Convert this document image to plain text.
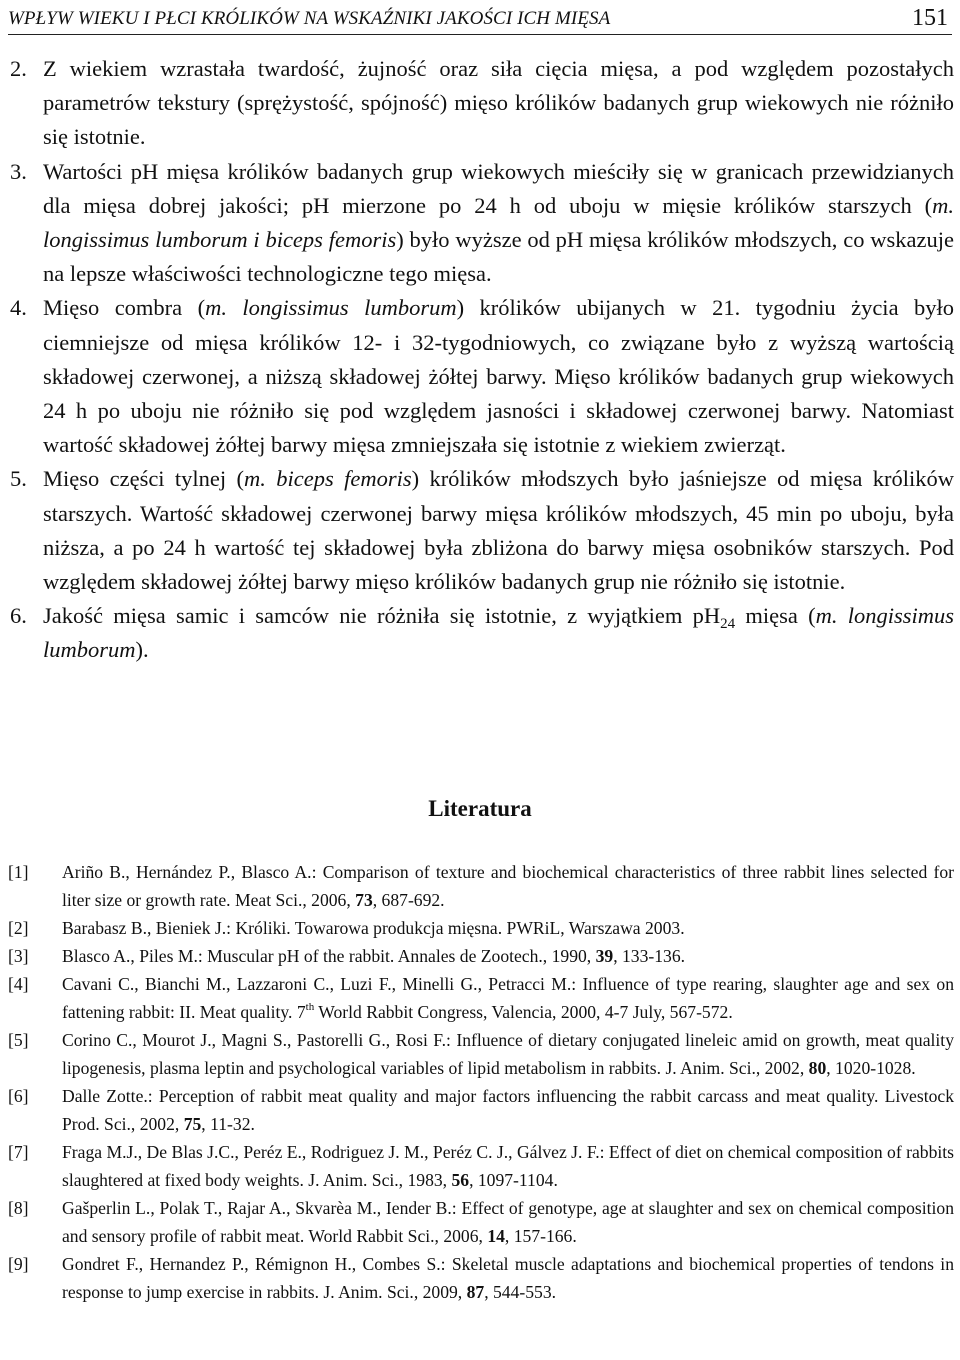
WPŁYW WIEKU I PŁCI KRÓLIKÓW NA WSKAŹNIKI JAKOŚCI ICH MIĘSA	151
2. Z wiekiem wzrastała twardość, żujność oraz siła cięcia mięsa, a pod względem pozostałych parametrów tekstury (sprężystość, spójność) mięso królików badanych grup wiekowych nie różniło się istotnie.
3. Wartości pH mięsa królików badanych grup wiekowych mieściły się w granicach przewidzianych dla mięsa dobrej jakości; pH mierzone po 24 h od uboju w mięsie królików starszych (m. longissimus lumborum i biceps femoris) było wyższe od pH mięsa królików młodszych, co wskazuje na lepsze właściwości technologiczne tego mięsa.
4. Mięso combra (m. longissimus lumborum) królików ubijanych w 21. tygodniu życia było ciemniejsze od mięsa królików 12- i 32-tygodniowych, co związane było z wyższą wartością składowej czerwonej, a niższą składowej żółtej barwy. Mięso królików badanych grup wiekowych 24 h po uboju nie różniło się pod względem jasności i składowej czerwonej barwy. Natomiast wartość składowej żółtej barwy mięsa zmniejszała się istotnie z wiekiem zwierząt.
5. Mięso części tylnej (m. biceps femoris) królików młodszych było jaśniejsze od mięsa królików starszych. Wartość składowej czerwonej barwy mięsa królików młodszych, 45 min po uboju, była niższa, a po 24 h wartość tej składowej była zbliżona do barwy mięsa osobników starszych. Pod względem składowej żółtej barwy mięso królików badanych grup nie różniło się istotnie.
6. Jakość mięsa samic i samców nie różniła się istotnie, z wyjątkiem $pH_{24}$ mięsa (m. longissimus lumborum).
Literatura
[1] Ariño B., Hernández P., Blasco A.: Comparison of texture and biochemical characteristics of three rabbit lines selected for liter size or growth rate. Meat Sci., 2006, 73, 687-692.
[2] Barabasz B., Bieniek J.: Króliki. Towarowa produkcja mięsna. PWRiL, Warszawa 2003.
[3] Blasco A., Piles M.: Muscular pH of the rabbit. Annales de Zootech., 1990, 39, 133-136.
[4] Cavani C., Bianchi M., Lazzaroni C., Luzi F., Minelli G., Petracci M.: Influence of type rearing, slaughter age and sex on fattening rabbit: II. Meat quality. 7th World Rabbit Congress, Valencia, 2000, 4-7 July, 567-572.
[5] Corino C., Mourot J., Magni S., Pastorelli G., Rosi F.: Influence of dietary conjugated lineleic amid on growth, meat quality lipogenesis, plasma leptin and psychological variables of lipid metabolism in rabbits. J. Anim. Sci., 2002, 80, 1020-1028.
[6] Dalle Zotte.: Perception of rabbit meat quality and major factors influencing the rabbit carcass and meat quality. Livestock Prod. Sci., 2002, 75, 11-32.
[7] Fraga M.J., De Blas J.C., Peréz E., Rodriguez J. M., Peréz C. J., Gálvez J. F.: Effect of diet on chemical composition of rabbits slaughtered at fixed body weights. J. Anim. Sci., 1983, 56, 1097-1104.
[8] Gašperlin L., Polak T., Rajar A., Skvarèa M., Iender B.: Effect of genotype, age at slaughter and sex on chemical composition and sensory profile of rabbit meat. World Rabbit Sci., 2006, 14, 157-166.
[9] Gondret F., Hernandez P., Rémignon H., Combes S.: Skeletal muscle adaptations and biochemical properties of tendons in response to jump exercise in rabbits. J. Anim. Sci., 2009, 87, 544-553.
